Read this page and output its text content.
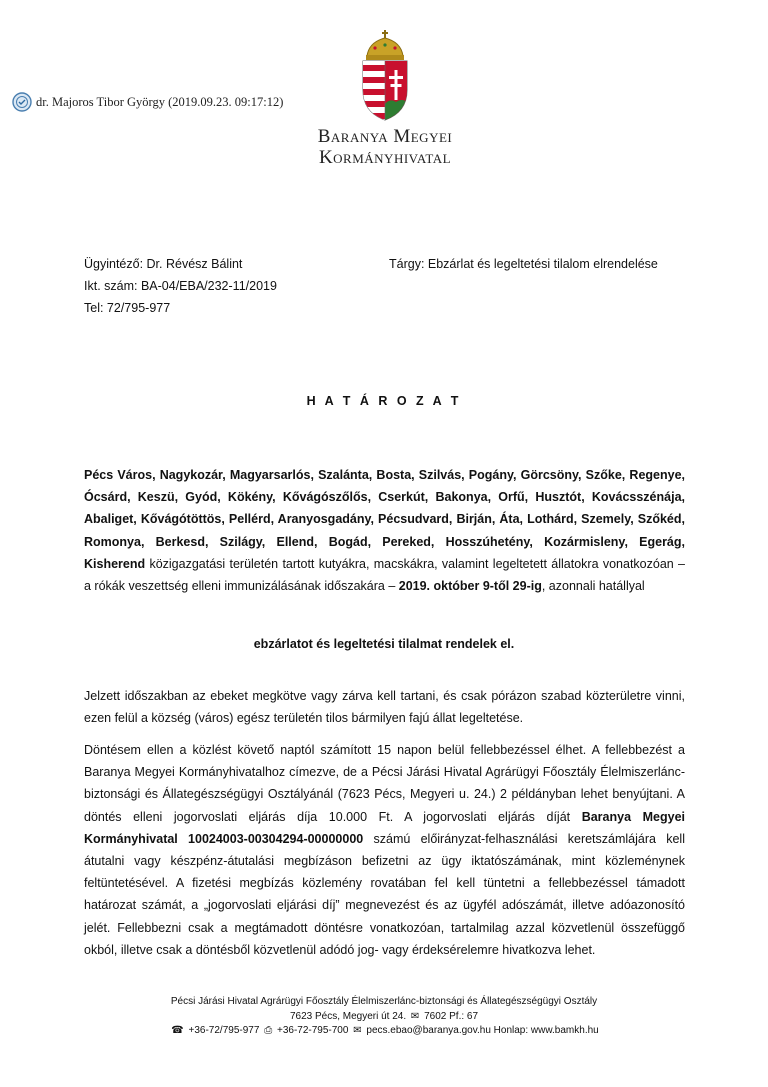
dr. Majoros Tibor György (2019.09.23. 09:17:12)
Baranya Megyei
Kormányhivatal
Ügyintéző: Dr. Révész Bálint	Tárgy: Ebzárlat és legeltetési tilalom elrendelése
Ikt. szám: BA-04/EBA/232-11/2019
Tel: 72/795-977
H A T Á R O Z A T
Pécs Város, Nagykozár, Magyarsarlós, Szalánta, Bosta, Szilvás, Pogány, Görcsöny, Szőke, Regenye, Ócsárd, Keszü, Gyód, Kökény, Kővágószőlős, Cserkút, Bakonya, Orfű, Husztót, Kovácsszénája, Abaliget, Kővágótöttös, Pellérd, Aranyosgadány, Pécsudvard, Birján, Áta, Lothárd, Szemely, Szőkéd, Romonya, Berkesd, Szilágy, Ellend, Bogád, Pereked, Hosszúhetény, Kozármisleny, Egerág, Kisherend közigazgatási területén tartott kutyákra, macskákra, valamint legeltetett állatokra vonatkozóan – a rókák veszettség elleni immunizálásának időszakára – 2019. október 9-től 29-ig, azonnali hatállyal
ebzárlatot és legeltetési tilalmat rendelek el.
Jelzett időszakban az ebeket megkötve vagy zárva kell tartani, és csak pórázon szabad közterületre vinni, ezen felül a község (város) egész területén tilos bármilyen fajú állat legeltetése.
Döntésem ellen a közlést követő naptól számított 15 napon belül fellebbezéssel élhet. A fellebbezést a Baranya Megyei Kormányhivatalhoz címezve, de a Pécsi Járási Hivatal Agrárügyi Főosztály Élelmiszerlánc-biztonsági és Állategészségügyi Osztályánál (7623 Pécs, Megyeri u. 24.) 2 példányban lehet benyújtani. A döntés elleni jogorvoslati eljárás díja 10.000 Ft. A jogorvoslati eljárás díját Baranya Megyei Kormányhivatal 10024003-00304294-00000000 számú előirányzat-felhasználási keretszámlájára kell átutalni vagy készpénz-átutalási megbízáson befizetni az ügy iktatószámának, mint közleménynek feltüntetésével. A fizetési megbízás közlemény rovatában fel kell tüntetni a fellebbezéssel támadott határozat számát, a „jogorvoslati eljárási díj” megnevezést és az ügyfél adószámát, illetve adóazonosító jelét. Fellebbezni csak a megtámadott döntésre vonatkozóan, tartalmilag azzal közvetlenül összefüggő okból, illetve csak a döntésből közvetlenül adódó jog- vagy érdeksérelemre hivatkozva lehet.
Pécsi Járási Hivatal Agrárügyi Főosztály Élelmiszerlánc-biztonsági és Állategészségügyi Osztály
7623 Pécs, Megyeri út 24. ✉ 7602 Pf.: 67
☎ +36-72/795-977 ⎙ +36-72-795-700 ✉ pecs.ebao@baranya.gov.hu Honlap: www.bamkh.hu
